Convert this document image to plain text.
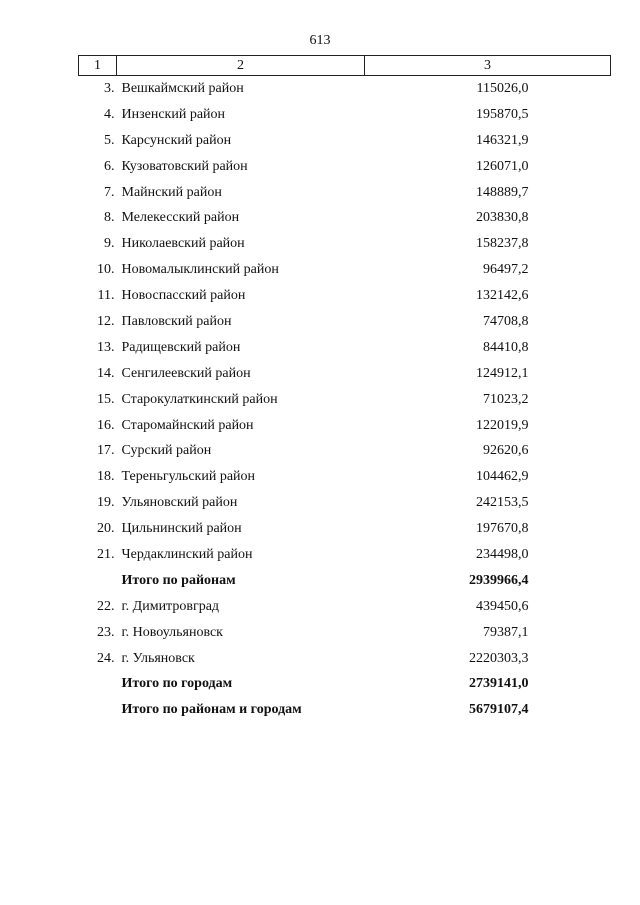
613
1	2	3
3.	Вешкаймский район	115026,0
4.	Инзенский район	195870,5
5.	Карсунский район	146321,9
6.	Кузоватовский район	126071,0
7.	Майнский район	148889,7
8.	Мелекесский район	203830,8
9.	Николаевский район	158237,8
10.	Новомалыклинский район	96497,2
11.	Новоспасский район	132142,6
12.	Павловский район	74708,8
13.	Радищевский район	84410,8
14.	Сенгилеевский район	124912,1
15.	Старокулаткинский район	71023,2
16.	Старомайнский район	122019,9
17.	Сурский район	92620,6
18.	Тереньгульский район	104462,9
19.	Ульяновский район	242153,5
20.	Цильнинский район	197670,8
21.	Чердаклинский район	234498,0
	Итого по районам	2939966,4
22.	г. Димитровград	439450,6
23.	г. Новоульяновск	79387,1
24.	г. Ульяновск	2220303,3
	Итого по городам	2739141,0
	Итого по районам и городам	5679107,4
